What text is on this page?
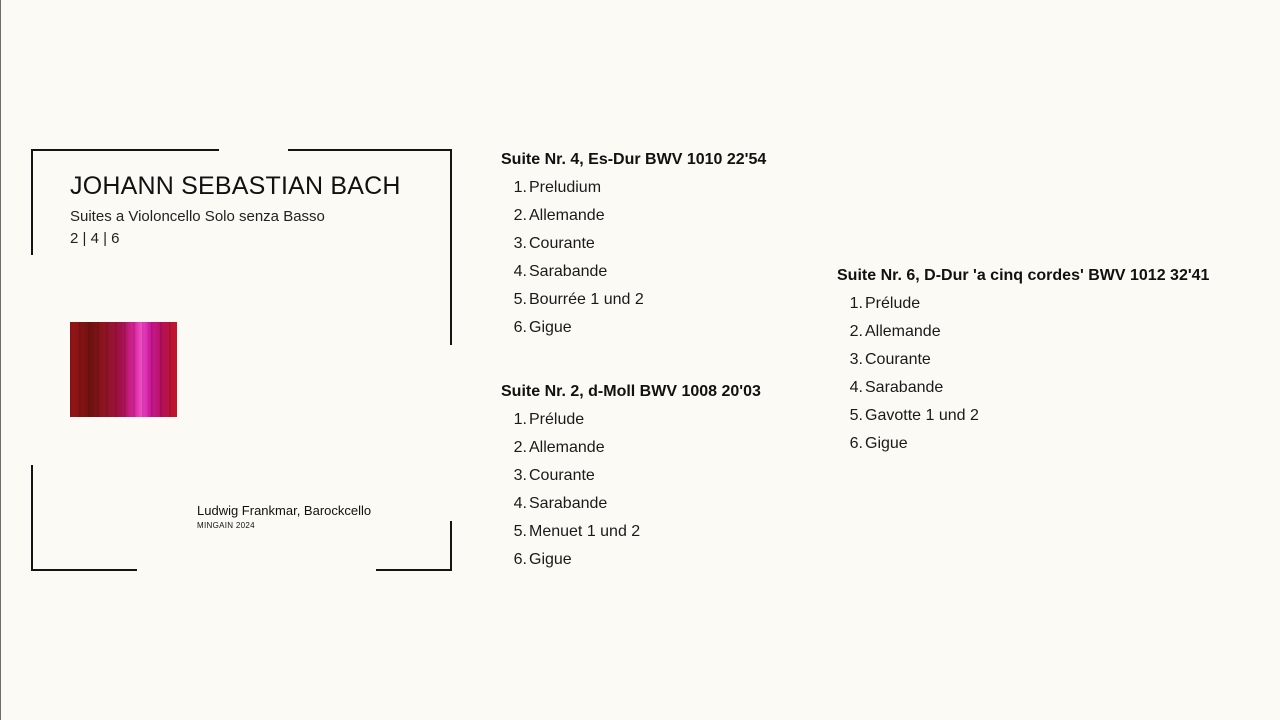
JOHANN SEBASTIAN BACH
Suites a Violoncello Solo senza Basso
2 | 4 | 6
Ludwig Frankmar, Barockcello
MINGAIN 2024
Suite Nr. 4, Es-Dur BWV 1010 22'54
1. Preludium
2. Allemande
3. Courante
4. Sarabande
5. Bourrée 1 und 2
6. Gigue
Suite Nr. 2, d-Moll BWV 1008 20'03
1. Prélude
2. Allemande
3. Courante
4. Sarabande
5. Menuet 1 und 2
6. Gigue
Suite Nr. 6, D-Dur 'a cinq cordes' BWV 1012 32'41
1. Prélude
2. Allemande
3. Courante
4. Sarabande
5. Gavotte 1 und 2
6. Gigue
